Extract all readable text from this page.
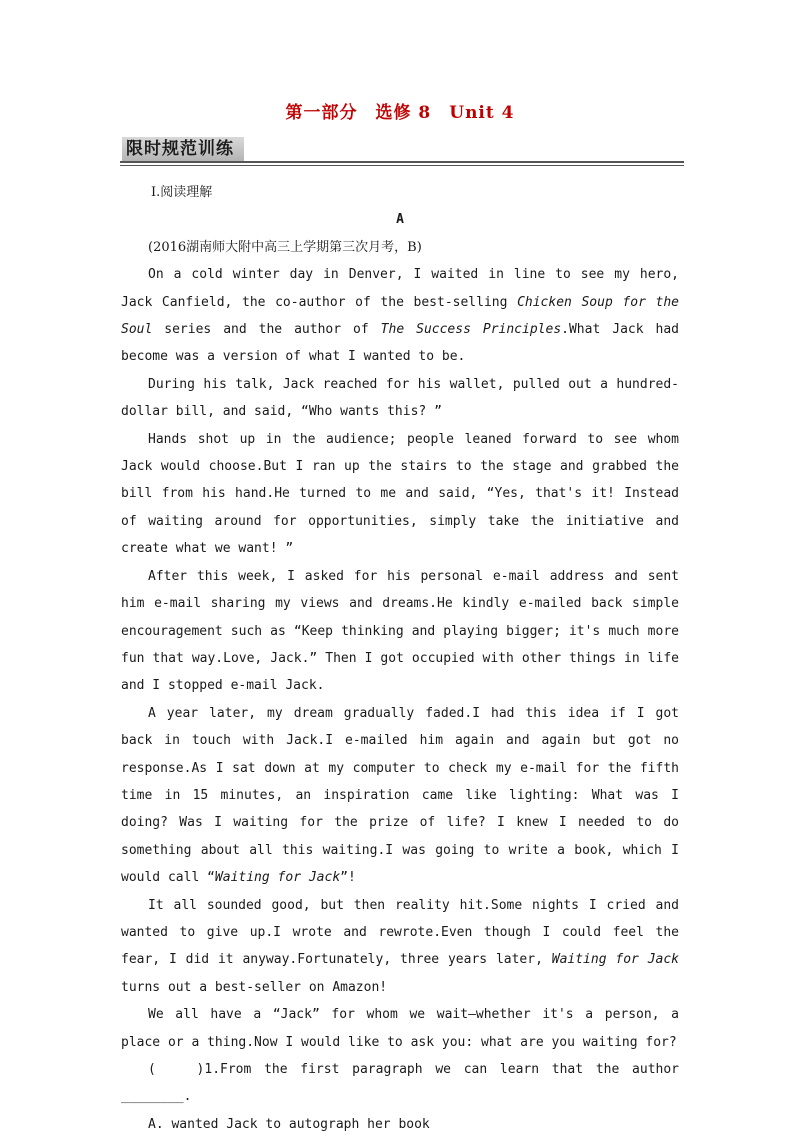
第一部分　选修 8　Unit 4
限时规范训练

Ⅰ.阅读理解

A

(2016湖南师大附中高三上学期第三次月考，B)

On a cold winter day in Denver, I waited in line to see my hero, Jack Canfield, the co-author of the best-selling Chicken Soup for the Soul series and the author of The Success Principles.What Jack had become was a version of what I wanted to be.

During his talk, Jack reached for his wallet, pulled out a hundred-dollar bill, and said, “Who wants this? ”

Hands shot up in the audience; people leaned forward to see whom Jack would choose.But I ran up the stairs to the stage and grabbed the bill from his hand.He turned to me and said, “Yes, that's it! Instead of waiting around for opportunities, simply take the initiative and create what we want! ”

After this week, I asked for his personal e-mail address and sent him e-mail sharing my views and dreams.He kindly e-mailed back simple encouragement such as “Keep thinking and playing bigger; it's much more fun that way.Love, Jack.” Then I got occupied with other things in life and I stopped e-mail Jack.

A year later, my dream gradually faded.I had this idea if I got back in touch with Jack.I e-mailed him again and again but got no response.As I sat down at my computer to check my e-mail for the fifth time in 15 minutes, an inspiration came like lighting: What was I doing? Was I waiting for the prize of life? I knew I needed to do something about all this waiting.I was going to write a book, which I would call “Waiting for Jack”!

It all sounded good, but then reality hit.Some nights I cried and wanted to give up.I wrote and rewrote.Even though I could feel the fear, I did it anyway.Fortunately, three years later, Waiting for Jack turns out a best-seller on Amazon!

We all have a “Jack” for whom we wait—whether it's a person, a place or a thing.Now I would like to ask you: what are you waiting for?

(　　)1.From the first paragraph we can learn that the author ________.

A. wanted Jack to autograph her book
